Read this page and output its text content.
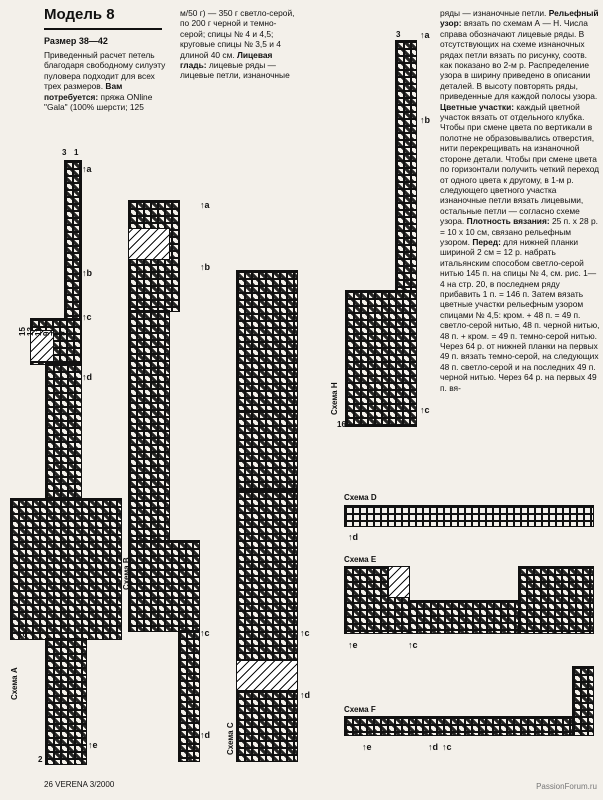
Модель 8
Размер 38—42
Приведенный расчет петель благодаря свободному силуэту пуловера подходит для всех трех размеров. Вам потребуется: пряжа ONline "Gala" (100% шерсти; 125
м/50 г) — 350 г светло-серой, по 200 г черной и темно-серой; спицы № 4 и 4,5; круговые спицы № 3,5 и 4 длиной 40 см. Лицевая гладь: лицевые ряды — лицевые петли, изнаночные
ряды — изнаночные петли. Рельефный узор: вязать по схемам А — Н. Числа справа обозначают лицевые ряды. В отсутствующих на схеме изнаночных рядах петли вязать по рисунку, соотв. как показано во 2-м р. Распределение узора в ширину приведено в описании деталей. В высоту повторять ряды, приведенные для каждой полосы узора. Цветные участки: каждый цветной участок вязать от отдельного клубка. Чтобы при смене цвета по вертикали в полотне не образовывались отверстия, нити перекрещивать на изнаночной стороне детали. Чтобы при смене цвета по горизонтали получить четкий переход от одного цвета к другому, в 1-м р. следующего цветного участка изнаночные петли вязать лицевыми, остальные петли — согласно схеме узора. Плотность вязания: 25 п. х 28 р. = 10 х 10 см, связано рельефным узором. Перед: для нижней планки шириной 2 см = 12 р. набрать итальянским способом светло-серой нитью 145 п. на спицы № 4, см. рис. 1—4 на стр. 20, в последнем ряду прибавить 1 п. = 146 п. Затем вязать цветные участки рельефным узором спицами № 4,5: кром. + 48 п. = 49 п. светло-серой нитью, 48 п. черной нитью, 48 п. + кром. = 49 п. темно-серой нитью. Через 64 р. от нижней планки на первых 49 п. вязать темно-серой, на следующих 48 п. светло-серой и на последних 49 п. черной нитью. Через 64 р. на первых 49 п. вя-
Схема А
3 1
16
2
15 13 11 9 7 5
↑a
↑b
↑c
↑d
↑e
Схема В
↑a
↑b
↑c
↑d Схема C
↑c
↑d
Схема Н
↑a
↑b
↑c
3
16
Схема D
↑d
Схема E
↑e	↑c
Схема F
↑e	↑d ↑c
26 VERENA 3/2000	PassionForum.ru
